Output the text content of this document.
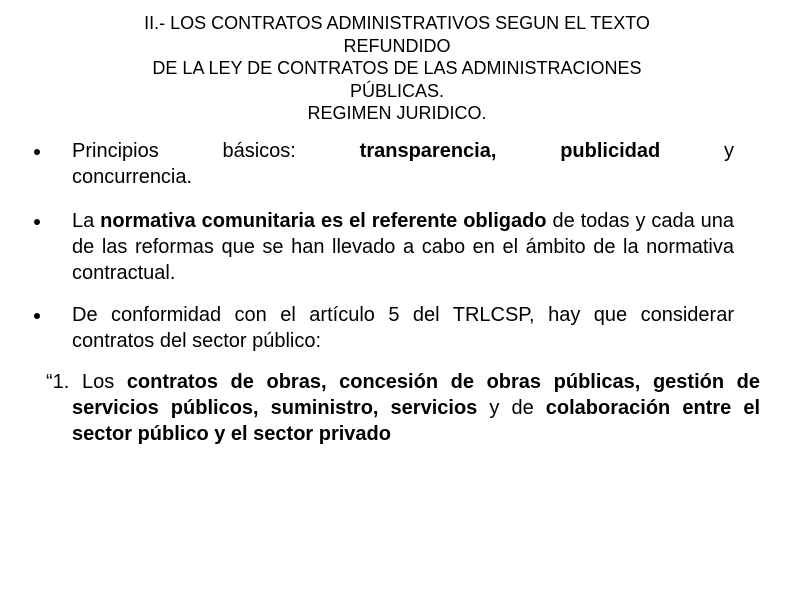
II.- LOS CONTRATOS ADMINISTRATIVOS SEGUN EL TEXTO
REFUNDIDO
DE LA LEY DE CONTRATOS DE LAS ADMINISTRACIONES
PÚBLICAS.
REGIMEN JURIDICO.
Principios básicos: transparencia, publicidad y
concurrencia.
La normativa comunitaria es el referente obligado de todas y cada una de las reformas que se han llevado a cabo en el ámbito de la normativa contractual.
De conformidad con el artículo 5 del TRLCSP, hay que considerar contratos del sector público:

“1. Los contratos de obras, concesión de obras públicas, gestión de servicios públicos, suministro, servicios y de colaboración entre el sector público y el sector privado
